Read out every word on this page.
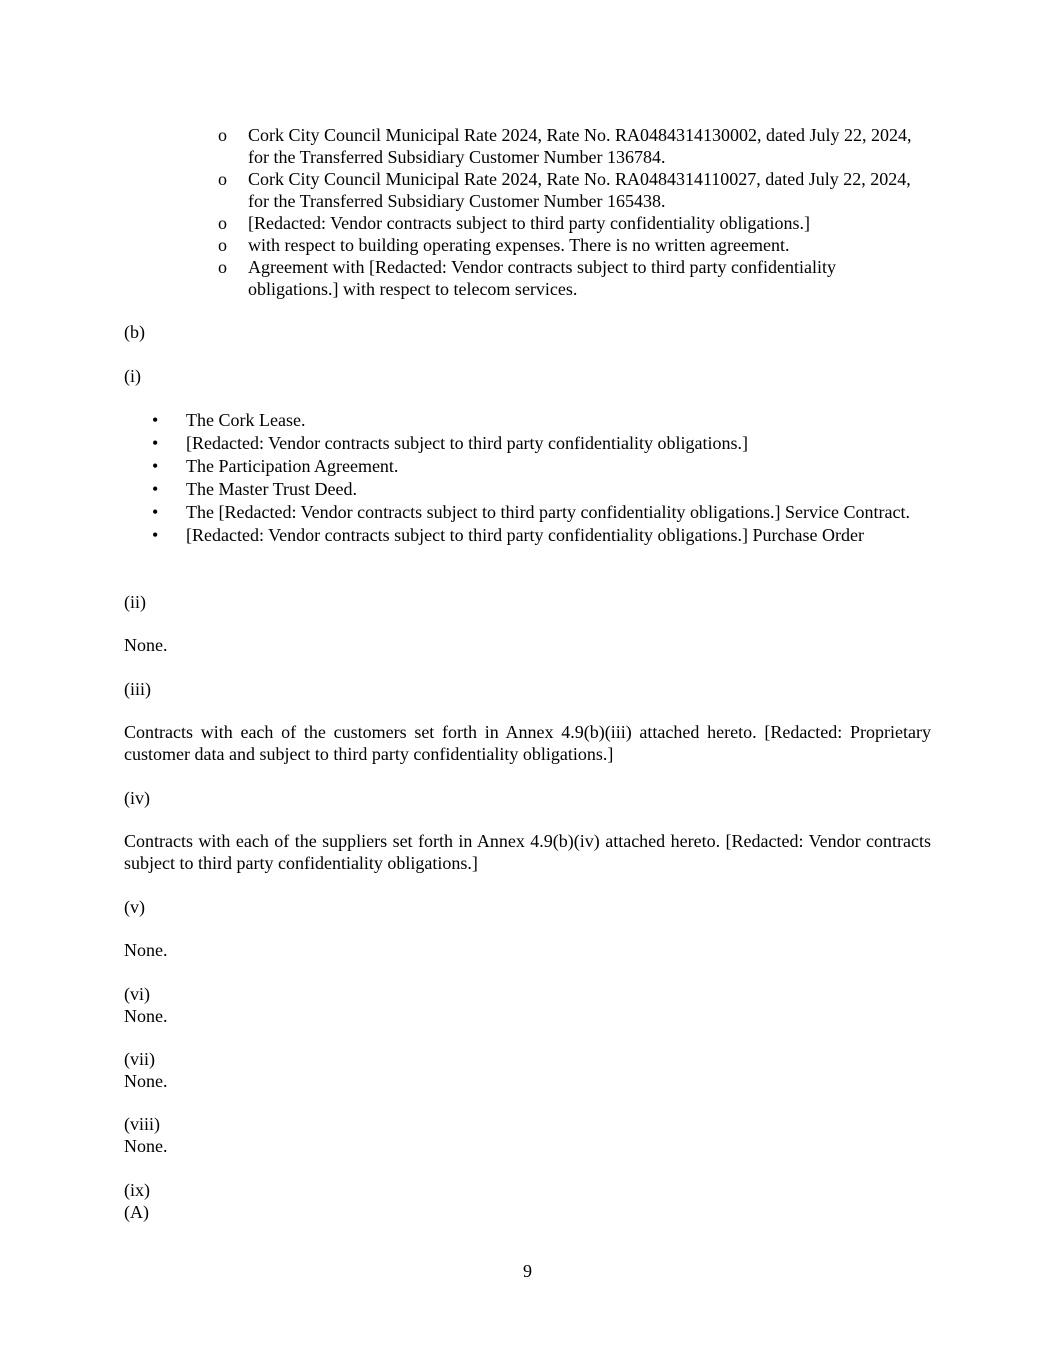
o	Cork City Council Municipal Rate 2024, Rate No. RA0484314130002, dated July 22, 2024, for the Transferred Subsidiary Customer Number 136784.
o	Cork City Council Municipal Rate 2024, Rate No. RA0484314110027, dated July 22, 2024, for the Transferred Subsidiary Customer Number 165438.
o	[Redacted: Vendor contracts subject to third party confidentiality obligations.]
o	with respect to building operating expenses. There is no written agreement.
o	Agreement with [Redacted: Vendor contracts subject to third party confidentiality obligations.] with respect to telecom services.

(b)

(i)

• The Cork Lease.
• [Redacted: Vendor contracts subject to third party confidentiality obligations.]
• The Participation Agreement.
• The Master Trust Deed.
• The [Redacted: Vendor contracts subject to third party confidentiality obligations.] Service Contract.
• [Redacted: Vendor contracts subject to third party confidentiality obligations.] Purchase Order

(ii)

None.

(iii)

Contracts with each of the customers set forth in Annex 4.9(b)(iii) attached hereto. [Redacted: Proprietary customer data and subject to third party confidentiality obligations.]

(iv)

Contracts with each of the suppliers set forth in Annex 4.9(b)(iv) attached hereto. [Redacted: Vendor contracts subject to third party confidentiality obligations.]

(v)

None.

(vi)

None.

(vii)

None.

(viii)

None.

(ix)

(A)

9
